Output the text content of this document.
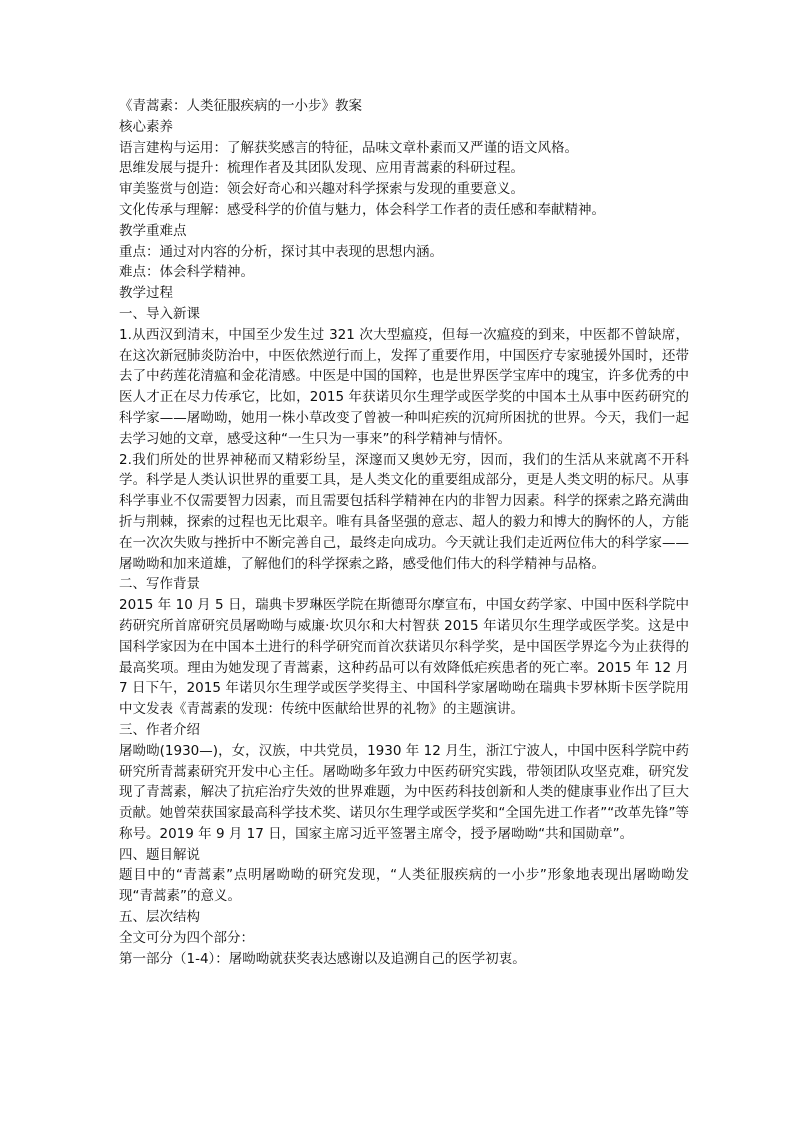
《青蒿素：人类征服疾病的一小步》教案

核心素养

语言建构与运用：了解获奖感言的特征，品味文章朴素而又严谨的语文风格。

思维发展与提升：梳理作者及其团队发现、应用青蒿素的科研过程。

审美鉴赏与创造：领会好奇心和兴趣对科学探索与发现的重要意义。

文化传承与理解：感受科学的价值与魅力，体会科学工作者的责任感和奉献精神。

教学重难点

重点：通过对内容的分析，探讨其中表现的思想内涵。

难点：体会科学精神。

教学过程

一、导入新课

1.从西汉到清末，中国至少发生过 321 次大型瘟疫，但每一次瘟疫的到来，中医都不曾缺席，在这次新冠肺炎防治中，中医依然逆行而上，发挥了重要作用，中国医疗专家驰援外国时，还带去了中药莲花清瘟和金花清感。中医是中国的国粹，也是世界医学宝库中的瑰宝，许多优秀的中医人才正在尽力传承它，比如，2015 年获诺贝尔生理学或医学奖的中国本土从事中医药研究的科学家——屠呦呦，她用一株小草改变了曾被一种叫疟疾的沉疴所困扰的世界。今天，我们一起去学习她的文章，感受这种“一生只为一事来”的科学精神与情怀。

2.我们所处的世界神秘而又精彩纷呈，深邃而又奥妙无穷，因而，我们的生活从来就离不开科学。科学是人类认识世界的重要工具，是人类文化的重要组成部分，更是人类文明的标尺。从事科学事业不仅需要智力因素，而且需要包括科学精神在内的非智力因素。科学的探索之路充满曲折与荆棘，探索的过程也无比艰辛。唯有具备坚强的意志、超人的毅力和博大的胸怀的人，方能在一次次失败与挫折中不断完善自己，最终走向成功。今天就让我们走近两位伟大的科学家——屠呦呦和加来道雄，了解他们的科学探索之路，感受他们伟大的科学精神与品格。

二、写作背景

2015 年 10 月 5 日，瑞典卡罗琳医学院在斯德哥尔摩宣布，中国女药学家、中国中医科学院中药研究所首席研究员屠呦呦与威廉·坎贝尔和大村智获 2015 年诺贝尔生理学或医学奖。这是中国科学家因为在中国本土进行的科学研究而首次获诺贝尔科学奖，是中国医学界迄今为止获得的最高奖项。理由为她发现了青蒿素，这种药品可以有效降低疟疾患者的死亡率。2015 年 12 月 7 日下午，2015 年诺贝尔生理学或医学奖得主、中国科学家屠呦呦在瑞典卡罗林斯卡医学院用中文发表《青蒿素的发现：传统中医献给世界的礼物》的主题演讲。

三、作者介绍

屠呦呦(1930—)，女，汉族，中共党员，1930 年 12 月生，浙江宁波人，中国中医科学院中药研究所青蒿素研究开发中心主任。屠呦呦多年致力中医药研究实践，带领团队攻坚克难，研究发现了青蒿素，解决了抗疟治疗失效的世界难题，为中医药科技创新和人类的健康事业作出了巨大贡献。她曾荣获国家最高科学技术奖、诺贝尔生理学或医学奖和“全国先进工作者”“改革先锋”等称号。2019 年 9 月 17 日，国家主席习近平签署主席令，授予屠呦呦“共和国勋章”。

四、题目解说

题目中的“青蒿素”点明屠呦呦的研究发现，“人类征服疾病的一小步”形象地表现出屠呦呦发现“青蒿素”的意义。

五、层次结构

全文可分为四个部分：

第一部分（1-4）：屠呦呦就获奖表达感谢以及追溯自己的医学初衷。
